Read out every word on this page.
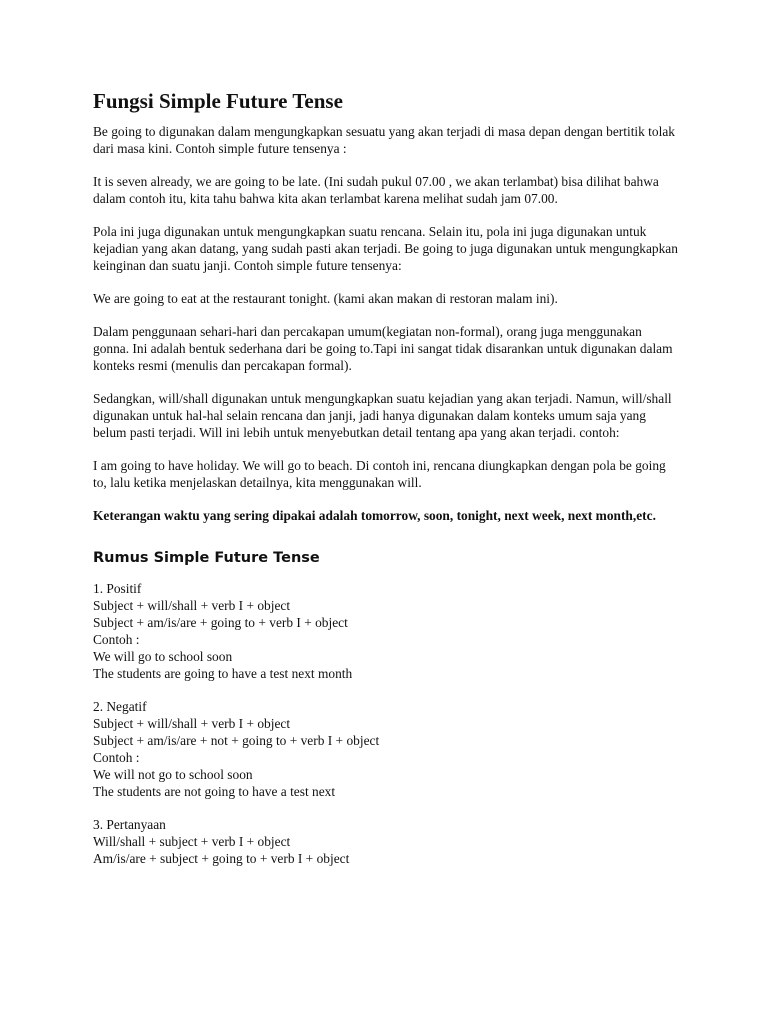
Fungsi Simple Future Tense
Be going to digunakan dalam mengungkapkan sesuatu yang akan terjadi di masa depan dengan bertitik tolak dari masa kini. Contoh simple future tensenya :
It is seven already, we are going to be late. (Ini sudah pukul 07.00 , we akan terlambat) bisa dilihat bahwa dalam contoh itu, kita tahu bahwa kita akan terlambat karena melihat sudah jam 07.00.
Pola ini juga digunakan untuk mengungkapkan suatu rencana. Selain itu, pola ini juga digunakan untuk kejadian yang akan datang, yang sudah pasti akan terjadi. Be going to juga digunakan untuk mengungkapkan keinginan dan suatu janji. Contoh simple future tensenya:
We are going to eat at the restaurant tonight. (kami akan makan di restoran malam ini).
Dalam penggunaan sehari-hari dan percakapan umum(kegiatan non-formal), orang juga menggunakan gonna. Ini adalah bentuk sederhana dari be going to.Tapi ini sangat tidak disarankan untuk digunakan dalam konteks resmi (menulis dan percakapan formal).
Sedangkan, will/shall digunakan untuk mengungkapkan suatu kejadian yang akan terjadi. Namun, will/shall digunakan untuk hal-hal selain rencana dan janji, jadi hanya digunakan dalam konteks umum saja yang belum pasti terjadi. Will ini lebih untuk menyebutkan detail tentang apa yang akan terjadi. contoh:
I am going to have holiday. We will go to beach. Di contoh ini, rencana diungkapkan dengan pola be going to, lalu ketika menjelaskan detailnya, kita menggunakan will.
Keterangan waktu yang sering dipakai adalah tomorrow, soon, tonight, next week, next month,etc.
Rumus Simple Future Tense
1. Positif
Subject + will/shall + verb I + object
Subject + am/is/are + going to + verb I + object
Contoh :
We will go to school soon
The students are going to have a test next month
2. Negatif
Subject + will/shall + verb I + object
Subject + am/is/are + not + going to + verb I + object
Contoh :
We will not go to school soon
The students are not going to have a test next
3. Pertanyaan
Will/shall + subject + verb I + object
Am/is/are + subject + going to + verb I + object
